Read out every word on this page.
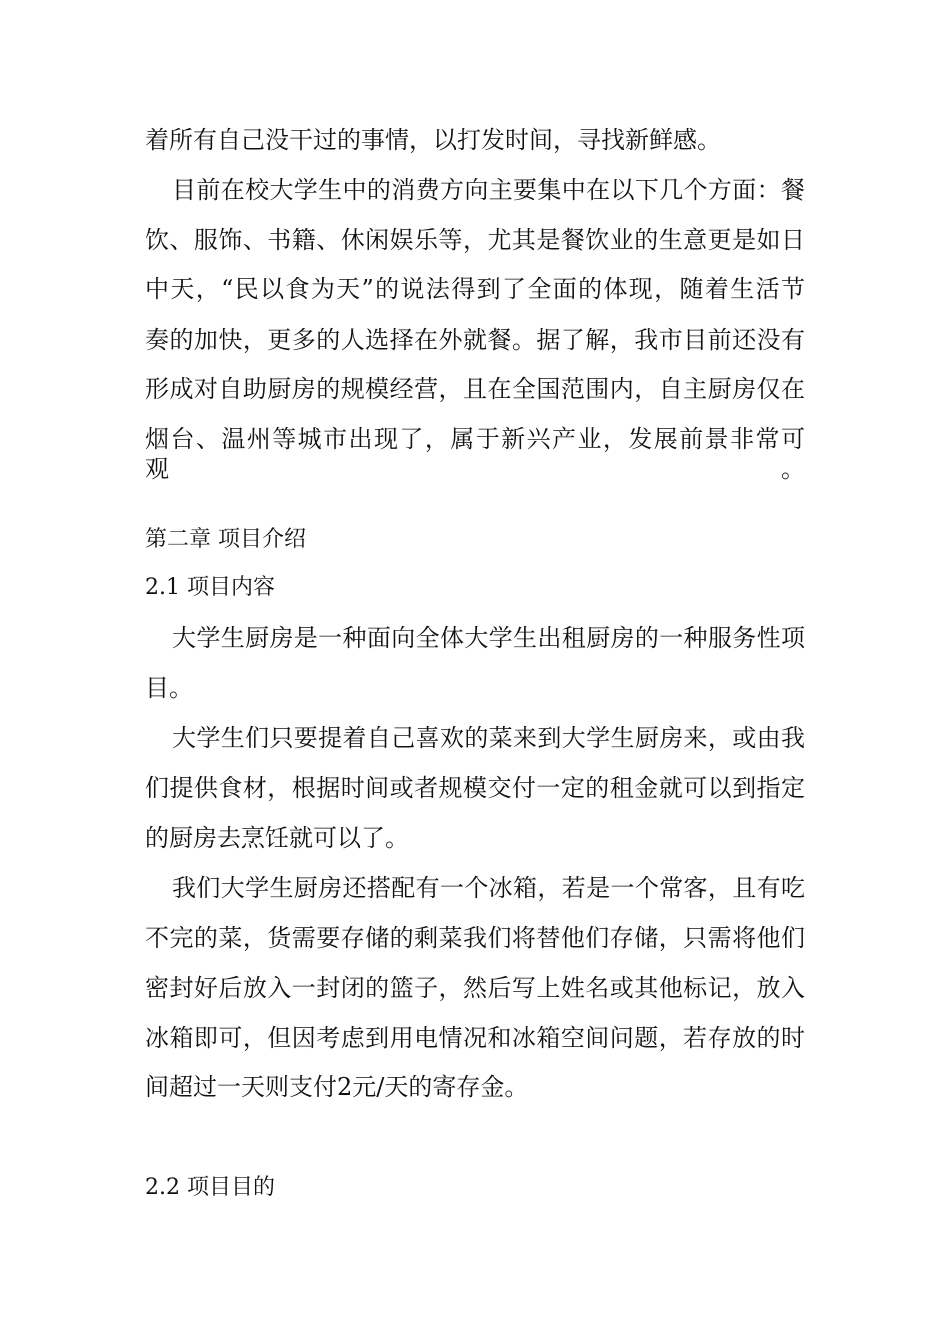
着所有自己没干过的事情，以打发时间，寻找新鲜感。
目前在校大学生中的消费方向主要集中在以下几个方面：餐
饮、服饰、书籍、休闲娱乐等，尤其是餐饮业的生意更是如日
中天，“民以食为天”的说法得到了全面的体现，随着生活节
奏的加快，更多的人选择在外就餐。据了解，我市目前还没有
形成对自助厨房的规模经营，且在全国范围内，自主厨房仅在
烟台、温州等城市出现了，属于新兴产业，发展前景非常可观。
第二章 项目介绍
2.1 项目内容
大学生厨房是一种面向全体大学生出租厨房的一种服务性项
目。
大学生们只要提着自己喜欢的菜来到大学生厨房来，或由我
们提供食材，根据时间或者规模交付一定的租金就可以到指定
的厨房去烹饪就可以了。
我们大学生厨房还搭配有一个冰箱，若是一个常客，且有吃
不完的菜，货需要存储的剩菜我们将替他们存储，只需将他们
密封好后放入一封闭的篮子，然后写上姓名或其他标记，放入
冰箱即可，但因考虑到用电情况和冰箱空间问题，若存放的时
间超过一天则支付2元/天的寄存金。
2.2 项目目的
